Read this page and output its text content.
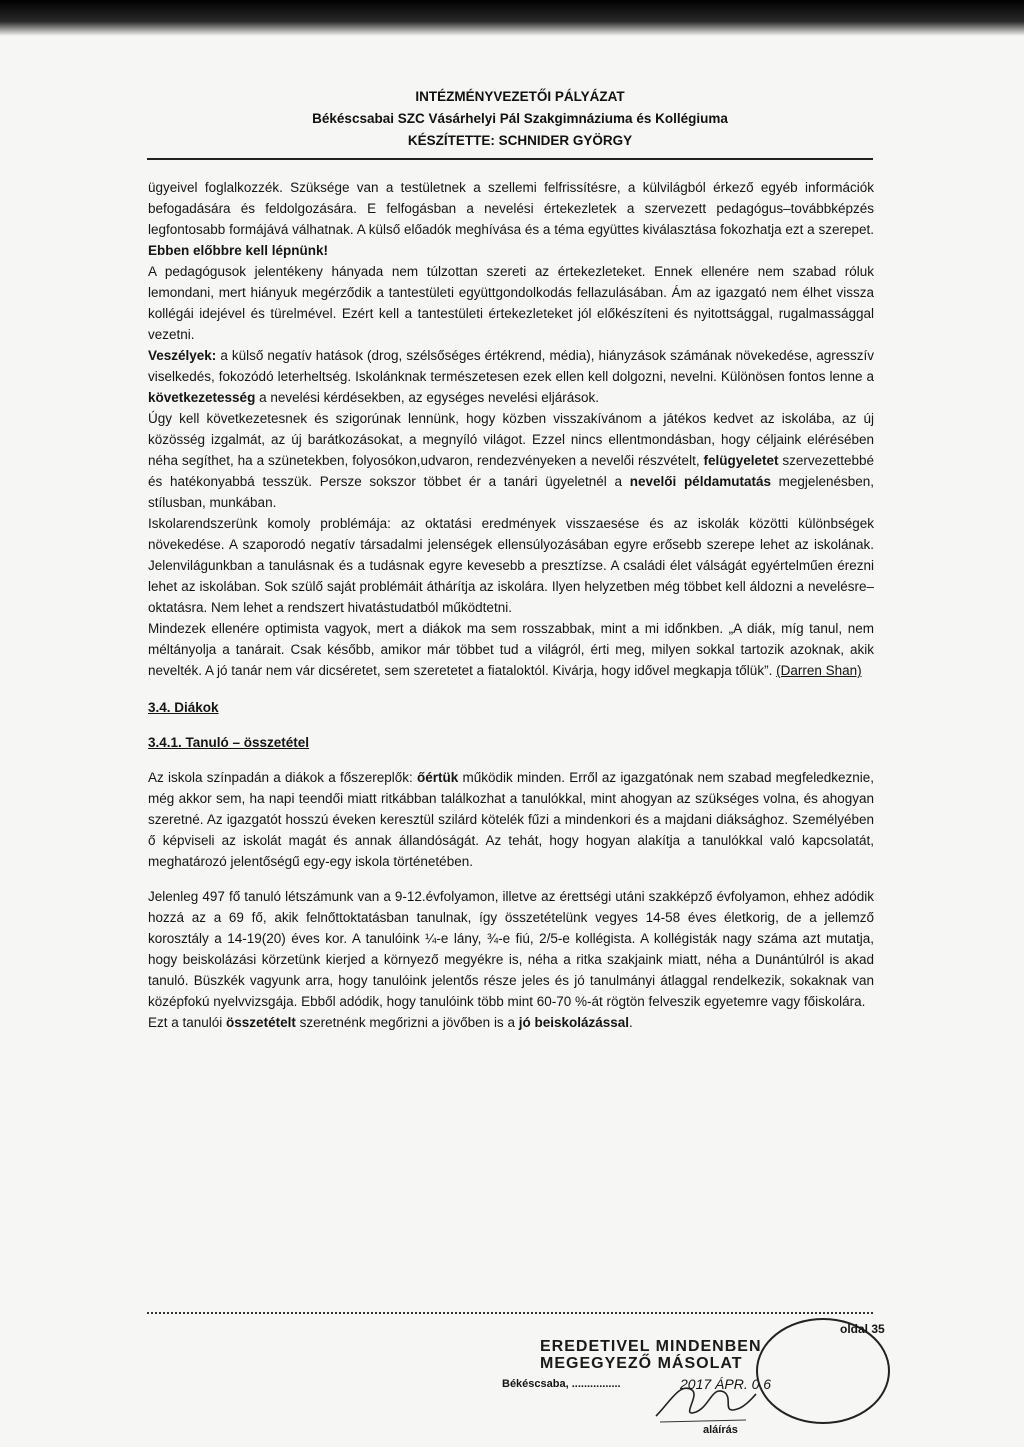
INTÉZMÉNYVEZETŐI PÁLYÁZAT
Békéscsabai SZC Vásárhelyi Pál Szakgimnáziuma és Kollégiuma
KÉSZÍTETTE: SCHNIDER GYÖRGY

ügyeivel foglalkozzék. Szüksége van a testületnek a szellemi felfrissítésre, a külvilágból érkező egyéb információk befogadására és feldolgozására. E felfogásban a nevelési értekezletek a szervezett pedagógus–továbbképzés legfontosabb formájává válhatnak. A külső előadók meghívása és a téma együttes kiválasztása fokozhatja ezt a szerepet. Ebben előbbre kell lépnünk!

A pedagógusok jelentékeny hányada nem túlzottan szereti az értekezleteket. Ennek ellenére nem szabad róluk lemondani, mert hiányuk megérződik a tantestületi együttgondolkodás fellazulásában. Ám az igazgató nem élhet vissza kollégái idejével és türelmével. Ezért kell a tantestületi értekezleteket jól előkészíteni és nyitottsággal, rugalmassággal vezetni.

Veszélyek: a külső negatív hatások (drog, szélsőséges értékrend, média), hiányzások számának növekedése, agresszív viselkedés, fokozódó leterheltség. Iskolánknak természetesen ezek ellen kell dolgozni, nevelni. Különösen fontos lenne a következetesség a nevelési kérdésekben, az egységes nevelési eljárások.

Úgy kell következetesnek és szigorúnak lennünk, hogy közben visszakívánom a játékos kedvet az iskolába, az új közösség izgalmát, az új barátkozásokat, a megnyíló világot. Ezzel nincs ellentmondásban, hogy céljaink elérésében néha segíthet, ha a szünetekben, folyosókon,udvaron, rendezvényeken a nevelői részvételt, felügyeletet szervezettebbé és hatékonyabbá tesszük. Persze sokszor többet ér a tanári ügyeletnél a nevelői példamutatás megjelenésben, stílusban, munkában.

Iskolarendszerünk komoly problémája: az oktatási eredmények visszaesése és az iskolák közötti különbségek növekedése. A szaporodó negatív társadalmi jelenségek ellensúlyozásában egyre erősebb szerepe lehet az iskolának. Jelenvilágunkban a tanulásnak és a tudásnak egyre kevesebb a presztízse. A családi élet válságát egyértelműen érezni lehet az iskolában. Sok szülő saját problémáit áthárítja az iskolára. Ilyen helyzetben még többet kell áldozni a nevelésre–oktatásra. Nem lehet a rendszert hivatástudatból működtetni.

Mindezek ellenére optimista vagyok, mert a diákok ma sem rosszabbak, mint a mi időnkben. „A diák, míg tanul, nem méltányolja a tanárait. Csak később, amikor már többet tud a világról, érti meg, milyen sokkal tartozik azoknak, akik nevelték. A jó tanár nem vár dicséretet, sem szeretetet a fiataloktól. Kivárja, hogy idővel megkapja tőlük”. (Darren Shan)

3.4. Diákok

3.4.1. Tanuló – összetétel

Az iskola színpadán a diákok a főszereplők: őértük működik minden. Erről az igazgatónak nem szabad megfeledkeznie, még akkor sem, ha napi teendői miatt ritkábban találkozhat a tanulókkal, mint ahogyan az szükséges volna, és ahogyan szeretné. Az igazgatót hosszú éveken keresztül szilárd kötelék fűzi a mindenkori és a majdani diáksághoz. Személyében ő képviseli az iskolát magát és annak állandóságát. Az tehát, hogy hogyan alakítja a tanulókkal való kapcsolatát, meghatározó jelentőségű egy-egy iskola történetében.

Jelenleg 497 fő tanuló létszámunk van a 9-12.évfolyamon, illetve az érettségi utáni szakképző évfolyamon, ehhez adódik hozzá az a 69 fő, akik felnőttoktatásban tanulnak, így összetételünk vegyes 14-58 éves életkorig, de a jellemző korosztály a 14-19(20) éves kor. A tanulóink ¼-e lány, ¾-e fiú, 2/5-e kollégista. A kollégisták nagy száma azt mutatja, hogy beiskolázási körzetünk kierjed a környező megyékre is, néha a ritka szakjaink miatt, néha a Dunántúlról is akad tanuló. Büszkék vagyunk arra, hogy tanulóink jelentős része jeles és jó tanulmányi átlaggal rendelkezik, sokaknak van középfokú nyelvvizsgája. Ebből adódik, hogy tanulóink több mint 60-70 %-át rögtön felveszik egyetemre vagy főiskolára.

Ezt a tanulói összetételt szeretnénk megőrizni a jövőben is a jó beiskolázással.

EREDETIVEL MINDENBEN
MEGEGYEZŐ MÁSOLAT
Békéscsaba, ................	2017 ÁPR. 0 6
oldal 35
aláírás
